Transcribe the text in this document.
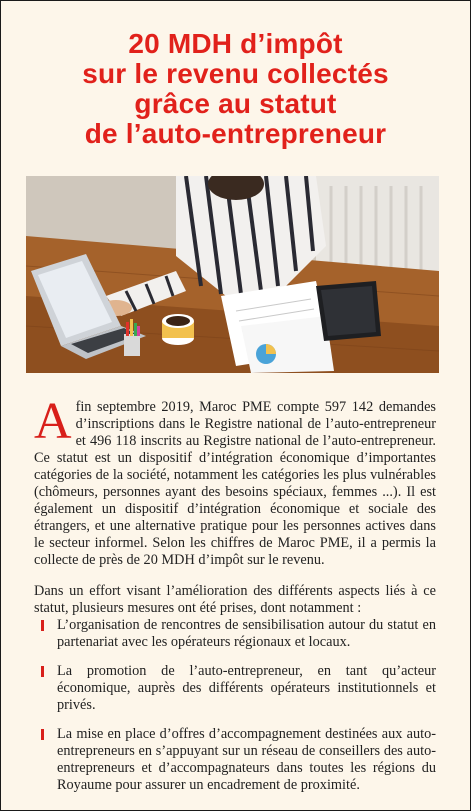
20 MDH d’impôt
sur le revenu collectés
grâce au statut
de l’auto-entrepreneur

Afin septembre 2019, Maroc PME compte 597 142 demandes d’inscriptions dans le Registre national de l’auto-entrepreneur et 496 118 inscrits au Registre national de l’auto-entrepreneur. Ce statut est un dispositif d’intégration économique d’importantes catégories de la société, notamment les catégories les plus vulnérables (chômeurs, personnes ayant des besoins spéciaux, femmes ...). Il est également un dispositif d’intégration économique et sociale des étrangers, et une alternative pratique pour les personnes actives dans le secteur informel. Selon les chiffres de Maroc PME, il a permis la collecte de près de 20 MDH d’impôt sur le revenu.

Dans un effort visant l’amélioration des différents aspects liés à ce statut, plusieurs mesures ont été prises, dont notamment :

L’organisation de rencontres de sensibilisation autour du statut en partenariat avec les opérateurs régionaux et locaux.
La promotion de l’auto-entrepreneur, en tant qu’acteur économique, auprès des différents opérateurs institutionnels et privés.
La mise en place d’offres d’accompagnement destinées aux auto-entrepreneurs en s’appuyant sur un réseau de conseillers des auto-entrepreneurs et d’accompagnateurs dans toutes les régions du Royaume pour assurer un encadrement de proximité.
